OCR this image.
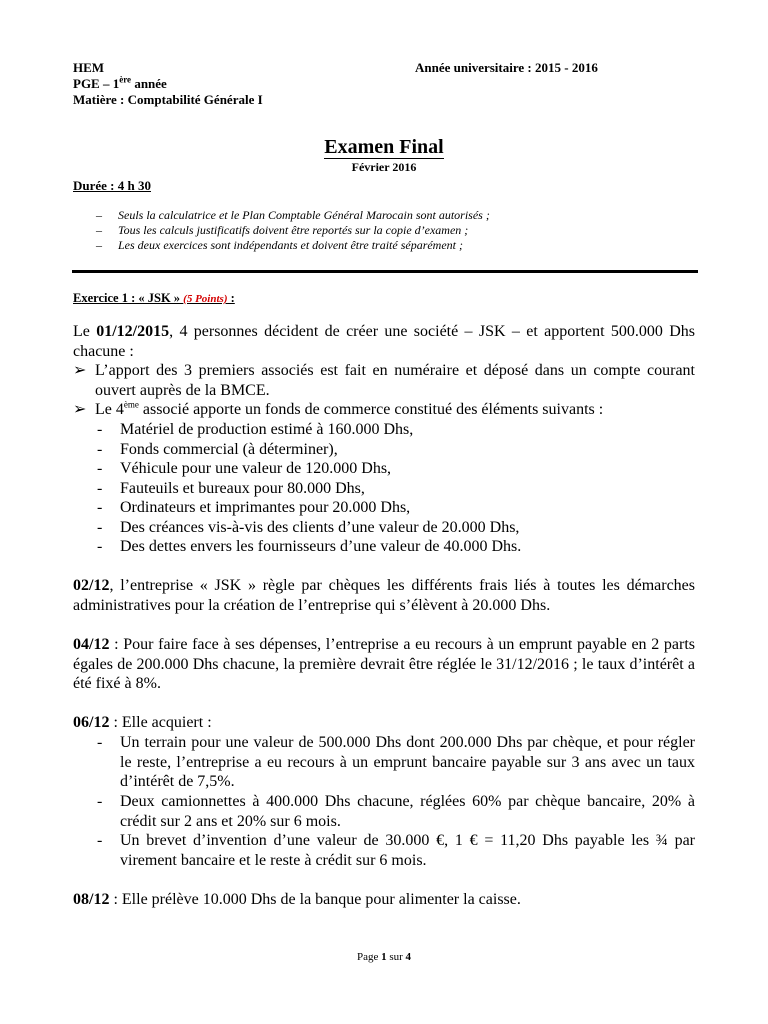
HEM
PGE – 1ère année
Matière : Comptabilité Générale I
Année universitaire : 2015 - 2016
Examen Final
Février 2016
Durée : 4 h 30
– Seuls la calculatrice et le Plan Comptable Général Marocain sont autorisés ;
– Tous les calculs justificatifs doivent être reportés sur la copie d’examen ;
– Les deux exercices sont indépendants et doivent être traité séparément ;
Exercice 1 : « JSK » (5 Points) :
Le 01/12/2015, 4 personnes décident de créer une société – JSK – et apportent 500.000 Dhs chacune :
➢ L’apport des 3 premiers associés est fait en numéraire et déposé dans un compte courant ouvert auprès de la BMCE.
➢ Le 4ème associé apporte un fonds de commerce constitué des éléments suivants :
-	Matériel de production estimé à 160.000 Dhs,
-	Fonds commercial (à déterminer),
-	Véhicule pour une valeur de 120.000 Dhs,
-	Fauteuils et bureaux pour 80.000 Dhs,
-	Ordinateurs et imprimantes pour 20.000 Dhs,
-	Des créances vis-à-vis des clients d’une valeur de 20.000 Dhs,
-	Des dettes envers les fournisseurs d’une valeur de 40.000 Dhs.
02/12, l’entreprise « JSK » règle par chèques les différents frais liés à toutes les démarches administratives pour la création de l’entreprise qui s’élèvent à 20.000 Dhs.
04/12 : Pour faire face à ses dépenses, l’entreprise a eu recours à un emprunt payable en 2 parts égales de 200.000 Dhs chacune, la première devrait être réglée le 31/12/2016 ; le taux d’intérêt a été fixé à 8%.
06/12 : Elle acquiert :
-	Un terrain pour une valeur de 500.000 Dhs dont 200.000 Dhs par chèque, et pour régler le reste, l’entreprise a eu recours à un emprunt bancaire payable sur 3 ans avec un taux d’intérêt de 7,5%.
-	Deux camionnettes à 400.000 Dhs chacune, réglées 60% par chèque bancaire, 20% à crédit sur 2 ans et 20% sur 6 mois.
-	Un brevet d’invention d’une valeur de 30.000 €, 1 € = 11,20 Dhs payable les ¾ par virement bancaire et le reste à crédit sur 6 mois.
08/12 : Elle prélève 10.000 Dhs de la banque pour alimenter la caisse.
Page 1 sur 4
